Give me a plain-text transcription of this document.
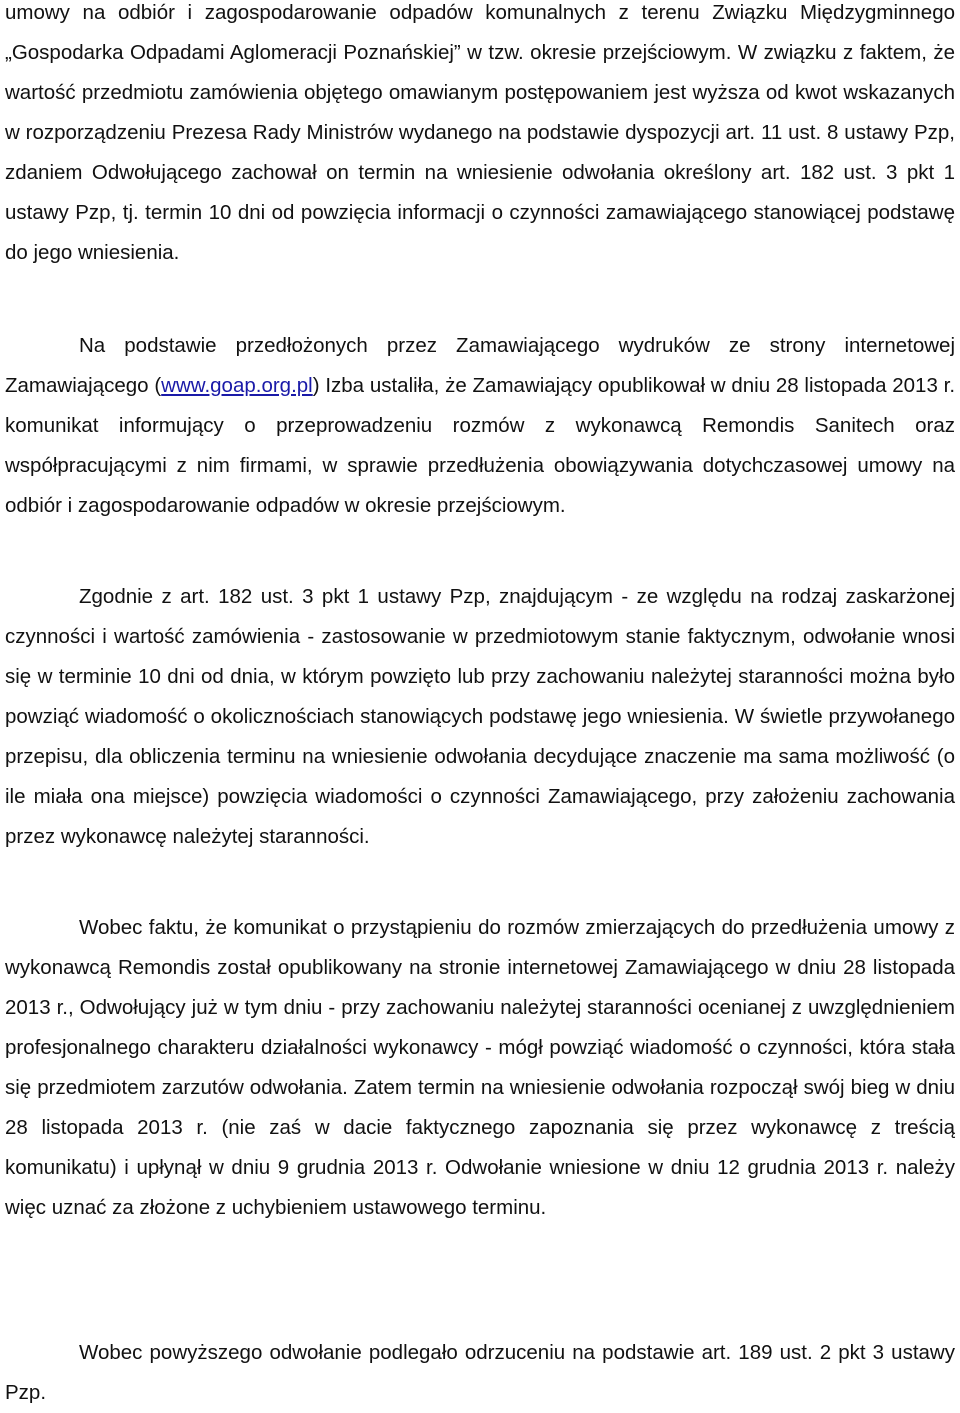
umowy na odbiór i zagospodarowanie odpadów komunalnych z terenu Związku Międzygminnego „Gospodarka Odpadami Aglomeracji Poznańskiej” w tzw. okresie przejściowym. W związku z faktem, że wartość przedmiotu zamówienia objętego omawianym postępowaniem jest wyższa od kwot wskazanych w rozporządzeniu Prezesa Rady Ministrów wydanego na podstawie dyspozycji art. 11 ust. 8 ustawy Pzp, zdaniem Odwołującego zachował on termin na wniesienie odwołania określony art. 182 ust. 3 pkt 1 ustawy Pzp, tj. termin 10 dni od powzięcia informacji o czynności zamawiającego stanowiącej podstawę do jego wniesienia.

Na podstawie przedłożonych przez Zamawiającego wydruków ze strony internetowej Zamawiającego (www.goap.org.pl) Izba ustaliła, że Zamawiający opublikował w dniu 28 listopada 2013 r. komunikat informujący o przeprowadzeniu rozmów z wykonawcą Remondis Sanitech oraz współpracującymi z nim firmami, w sprawie przedłużenia obowiązywania dotychczasowej umowy na odbiór i zagospodarowanie odpadów w okresie przejściowym.

Zgodnie z art. 182 ust. 3 pkt 1 ustawy Pzp, znajdującym - ze względu na rodzaj zaskarżonej czynności i wartość zamówienia - zastosowanie w przedmiotowym stanie faktycznym, odwołanie wnosi się w terminie 10 dni od dnia, w którym powzięto lub przy zachowaniu należytej staranności można było powziąć wiadomość o okolicznościach stanowiących podstawę jego wniesienia. W świetle przywołanego przepisu, dla obliczenia terminu na wniesienie odwołania decydujące znaczenie ma sama możliwość (o ile miała ona miejsce) powzięcia wiadomości o czynności Zamawiającego, przy założeniu zachowania przez wykonawcę należytej staranności.

Wobec faktu, że komunikat o przystąpieniu do rozmów zmierzających do przedłużenia umowy z wykonawcą Remondis został opublikowany na stronie internetowej Zamawiającego w dniu 28 listopada 2013 r., Odwołujący już w tym dniu - przy zachowaniu należytej staranności ocenianej z uwzględnieniem profesjonalnego charakteru działalności wykonawcy - mógł powziąć wiadomość o czynności, która stała się przedmiotem zarzutów odwołania. Zatem termin na wniesienie odwołania rozpoczął swój bieg w dniu 28 listopada 2013 r. (nie zaś w dacie faktycznego zapoznania się przez wykonawcę z treścią komunikatu) i upłynął w dniu 9 grudnia 2013 r. Odwołanie wniesione w dniu 12 grudnia 2013 r. należy więc uznać za złożone z uchybieniem ustawowego terminu.

Wobec powyższego odwołanie podlegało odrzuceniu na podstawie art. 189 ust. 2 pkt 3 ustawy Pzp.
